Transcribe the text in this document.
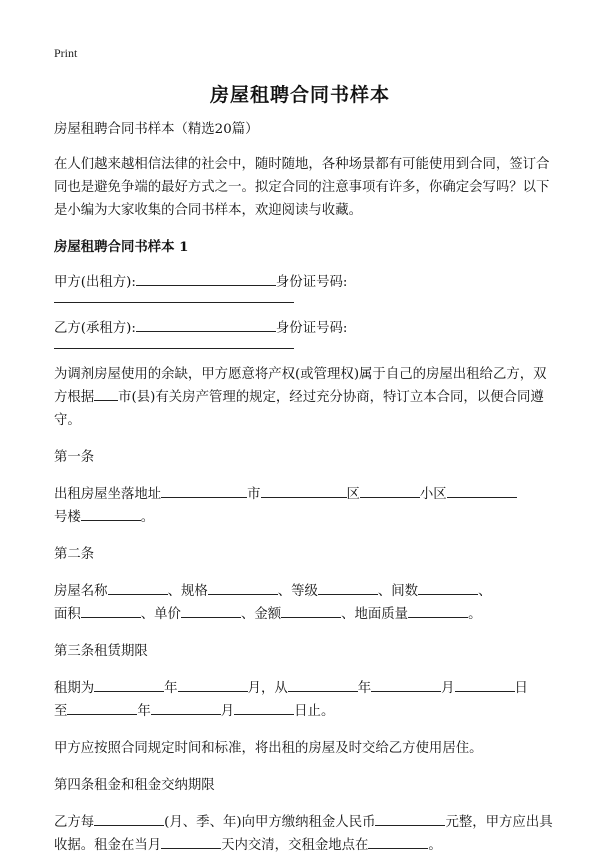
Print
房屋租聘合同书样本

房屋租聘合同书样本（精选20篇）

在人们越来越相信法律的社会中，随时随地，各种场景都有可能使用到合同，签订合同也是避免争端的最好方式之一。拟定合同的注意事项有许多，你确定会写吗？以下是小编为大家收集的合同书样本，欢迎阅读与收藏。

房屋租聘合同书样本 1

甲方(出租方):	身份证号码:

乙方(承租方):	身份证号码:

为调剂房屋使用的余缺，甲方愿意将产权(或管理权)属于自己的房屋出租给乙方，双方根据 市(县)有关房产管理的规定，经过充分协商，特订立本合同，以便合同遵守。

第一条

出租房屋坐落地址	市	区	小区
号楼	。

第二条

房屋名称	、规格	、等级	、间数	、
面积	、单价	、金额	、地面质量	。

第三条租赁期限

租期为	年	月，从	年	月	日
至	年	月	日止。

甲方应按照合同规定时间和标准，将出租的房屋及时交给乙方使用居住。

第四条租金和租金交纳期限

乙方每	(月、季、年)向甲方缴纳租金人民币	元整，甲方应出具收据。租金在当月	天内交清，交租金地点在	。
